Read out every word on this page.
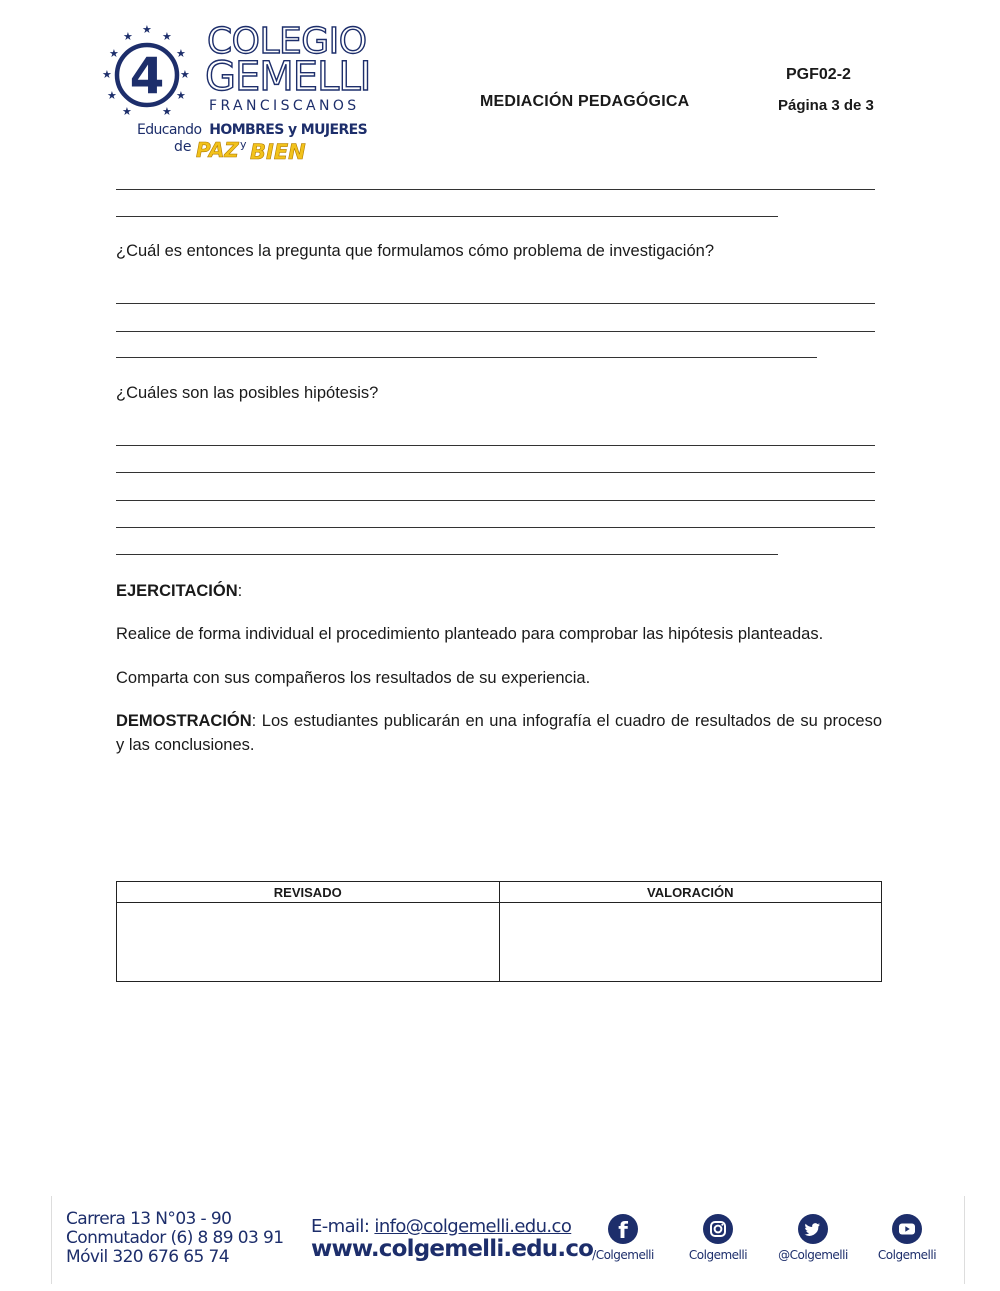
★
★
★
★
★
★
★
★
★
★
★ 4
COLEGIO
GEMELLI
FRANCISCANOS
Educando HOMBRES y MUJERES
de PAZ y BIEN
MEDIACIÓN PEDAGÓGICA
PGF02-2
Página 3 de 3
¿Cuál es entonces la pregunta que formulamos cómo problema de investigación?
¿Cuáles son las posibles hipótesis?
EJERCITACIÓN:
Realice de forma individual el procedimiento planteado para comprobar las hipótesis planteadas.
Comparta con sus compañeros los resultados de su experiencia.
DEMOSTRACIÓN: Los estudiantes publicarán en una infografía el cuadro de resultados de su proceso y las conclusiones.
REVISADO	VALORACIÓN

Carrera 13 N°03 - 90
Conmutador (6) 8 89 03 91
Móvil 320 676 65 74
E-mail: info@colgemelli.edu.co
www.colgemelli.edu.co
f
/Colgemelli	Colgemelli	@Colgemelli	Colgemelli
